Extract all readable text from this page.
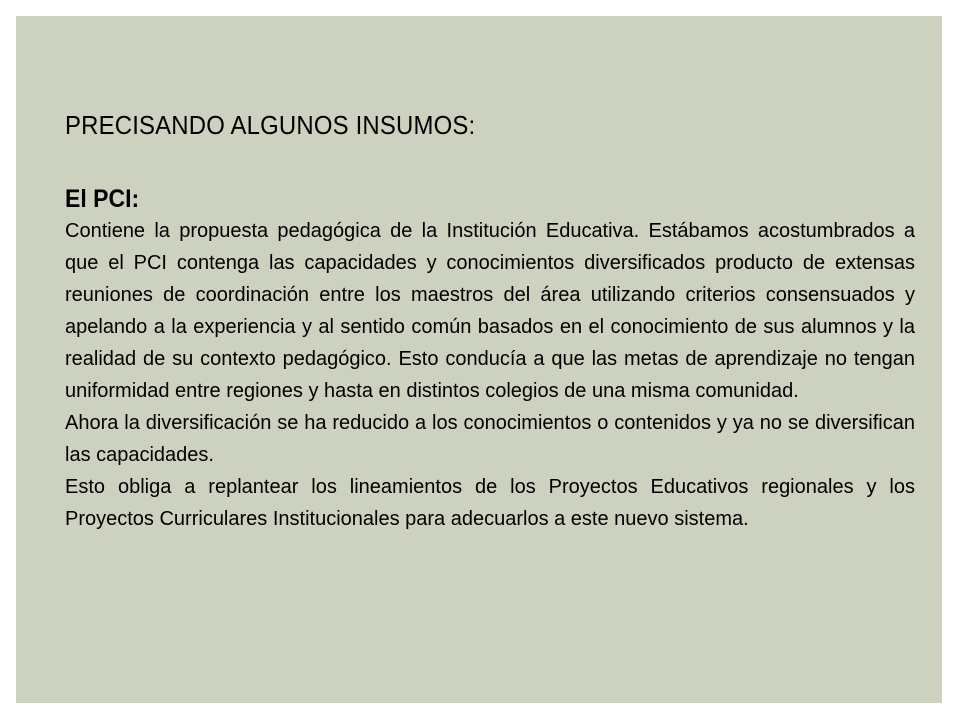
PRECISANDO ALGUNOS INSUMOS:
El PCI:

Contiene la propuesta pedagógica de la Institución Educativa. Estábamos acostumbrados a que el PCI contenga las capacidades y conocimientos diversificados producto de extensas reuniones de coordinación entre los maestros del área utilizando criterios consensuados y apelando a la experiencia y al sentido común basados en el conocimiento de sus alumnos y la realidad de su contexto pedagógico. Esto conducía a que las metas de aprendizaje no tengan uniformidad entre regiones y hasta en distintos colegios de una misma comunidad.

Ahora la diversificación se ha reducido a los conocimientos o contenidos y ya no se diversifican las capacidades.

Esto obliga a replantear los lineamientos de los Proyectos Educativos regionales y los Proyectos Curriculares Institucionales para adecuarlos a este nuevo sistema.
